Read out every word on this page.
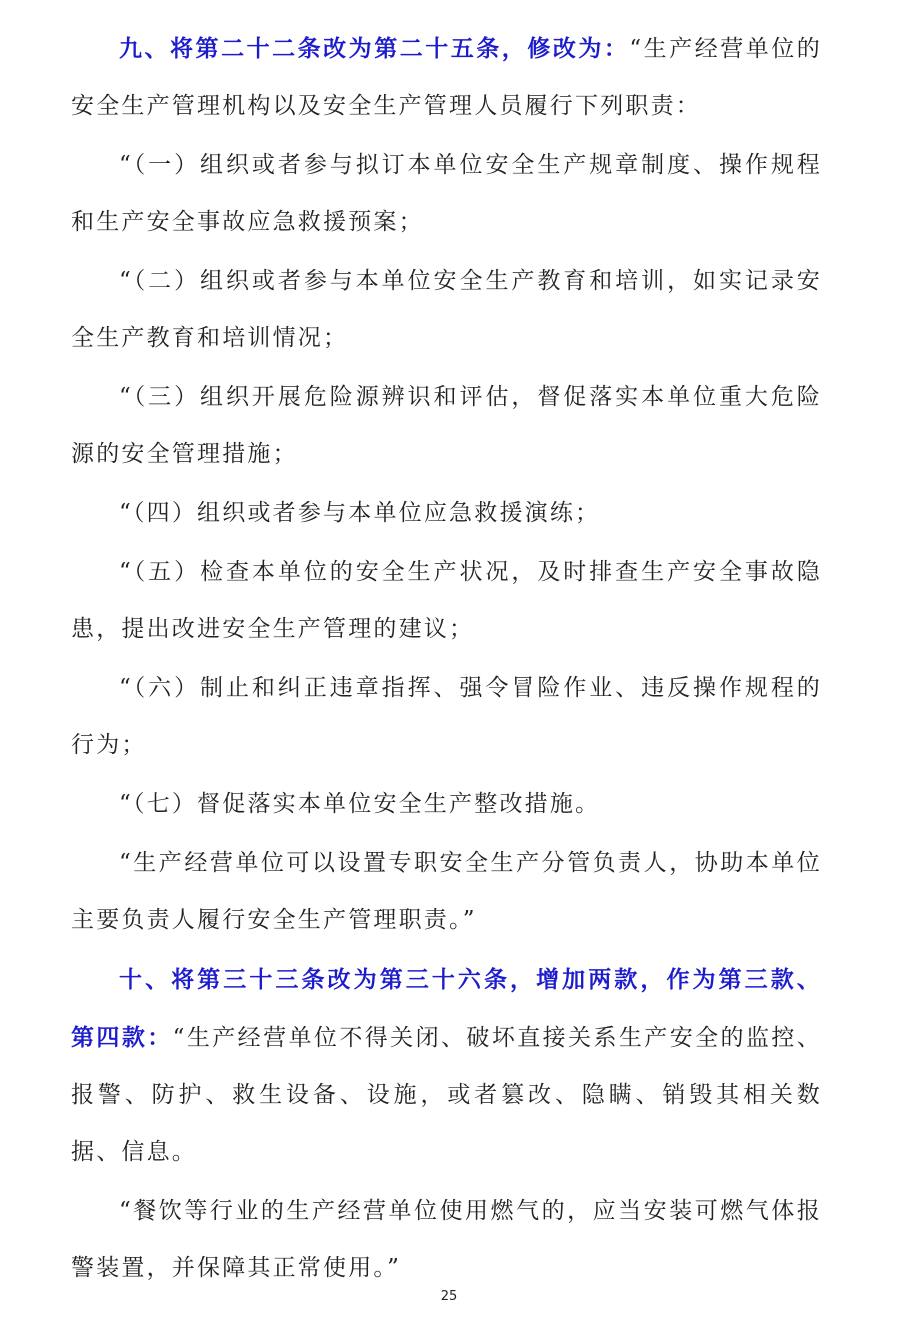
九、将第二十二条改为第二十五条，修改为：“生产经营单位的安全生产管理机构以及安全生产管理人员履行下列职责：

“（一）组织或者参与拟订本单位安全生产规章制度、操作规程和生产安全事故应急救援预案；

“（二）组织或者参与本单位安全生产教育和培训，如实记录安全生产教育和培训情况；

“（三）组织开展危险源辨识和评估，督促落实本单位重大危险源的安全管理措施；

“（四）组织或者参与本单位应急救援演练；

“（五）检查本单位的安全生产状况，及时排查生产安全事故隐患，提出改进安全生产管理的建议；

“（六）制止和纠正违章指挥、强令冒险作业、违反操作规程的行为；

“（七）督促落实本单位安全生产整改措施。

“生产经营单位可以设置专职安全生产分管负责人，协助本单位主要负责人履行安全生产管理职责。”

十、将第三十三条改为第三十六条，增加两款，作为第三款、第四款：“生产经营单位不得关闭、破坏直接关系生产安全的监控、报警、防护、救生设备、设施，或者篡改、隐瞒、销毁其相关数据、信息。

“餐饮等行业的生产经营单位使用燃气的，应当安装可燃气体报警装置，并保障其正常使用。”

25
